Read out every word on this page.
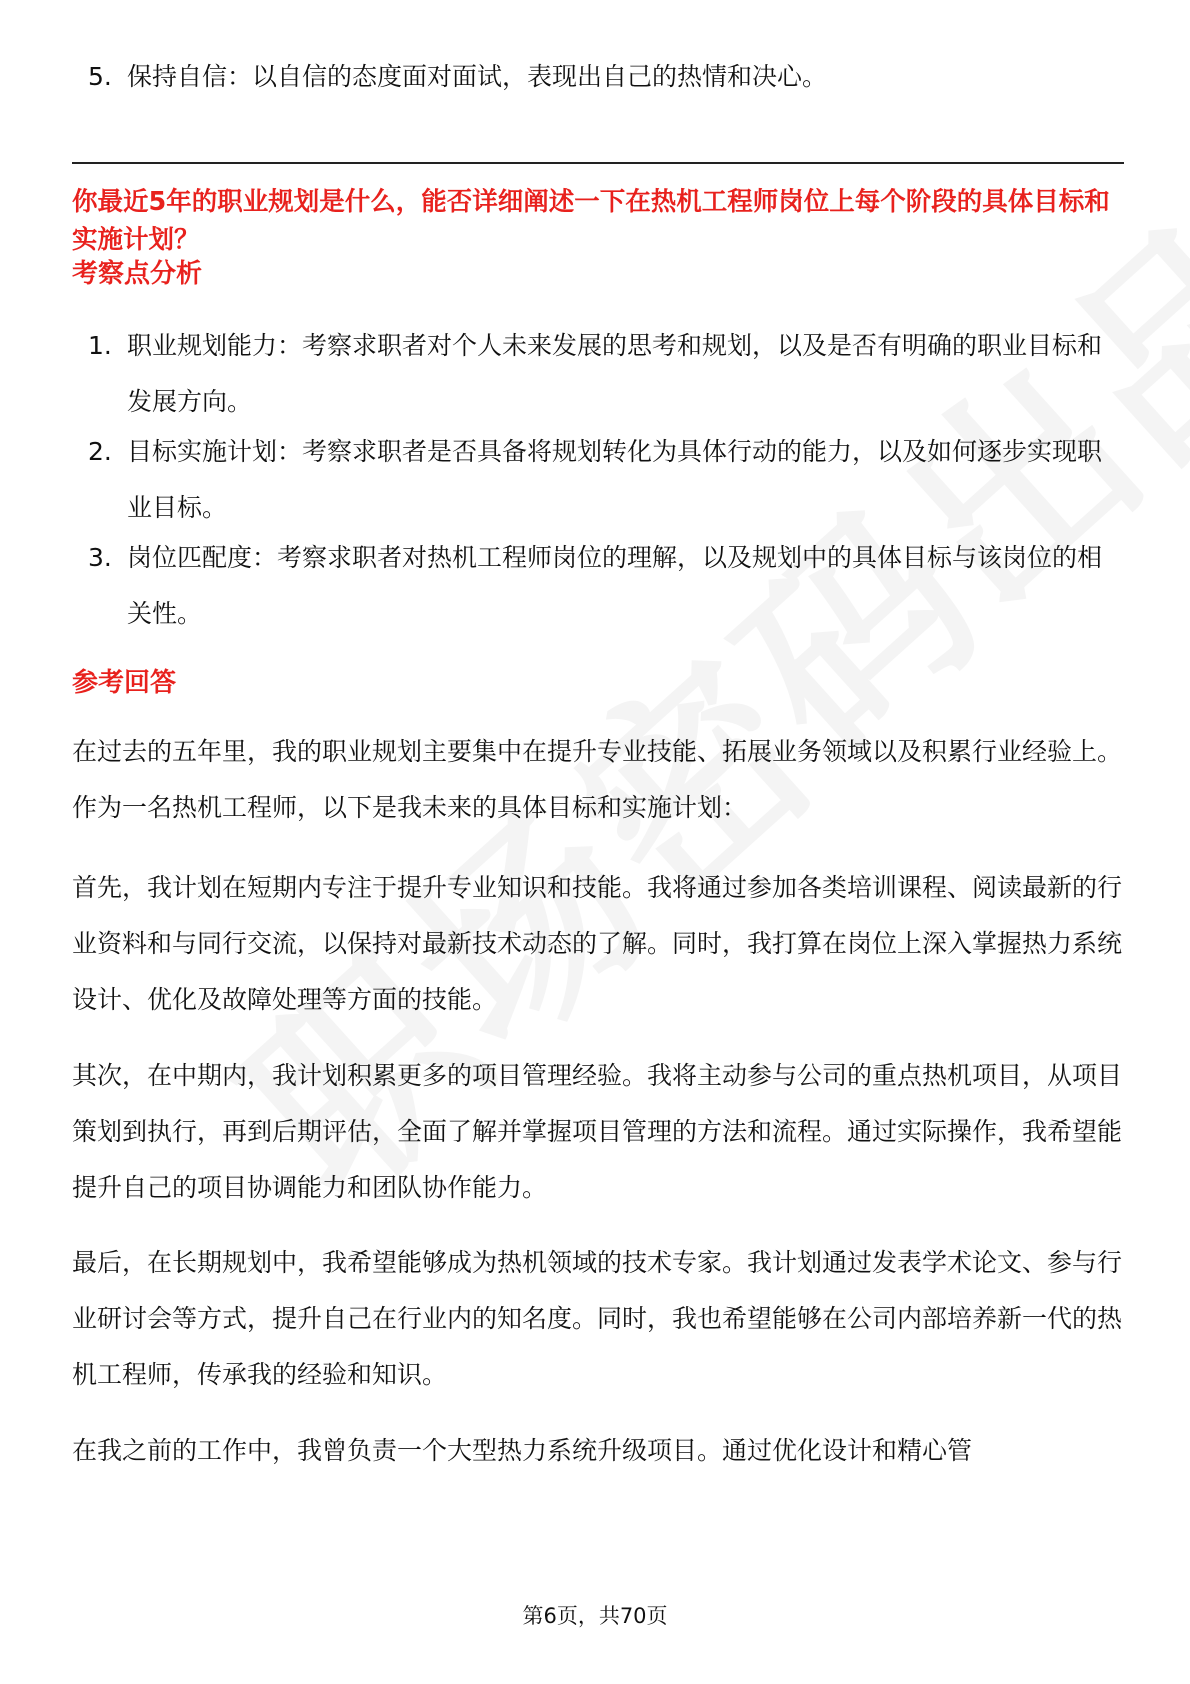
5. 保持自信：以自信的态度面对面试，表现出自己的热情和决心。
你最近5年的职业规划是什么，能否详细阐述一下在热机工程师岗位上每个阶段的具体目标和实施计划？
考察点分析
1. 职业规划能力：考察求职者对个人未来发展的思考和规划，以及是否有明确的职业目标和发展方向。
2. 目标实施计划：考察求职者是否具备将规划转化为具体行动的能力，以及如何逐步实现职业目标。
3. 岗位匹配度：考察求职者对热机工程师岗位的理解，以及规划中的具体目标与该岗位的相关性。
参考回答
在过去的五年里，我的职业规划主要集中在提升专业技能、拓展业务领域以及积累行业经验上。作为一名热机工程师，以下是我未来的具体目标和实施计划：
首先，我计划在短期内专注于提升专业知识和技能。我将通过参加各类培训课程、阅读最新的行业资料和与同行交流，以保持对最新技术动态的了解。同时，我打算在岗位上深入掌握热力系统设计、优化及故障处理等方面的技能。
其次，在中期内，我计划积累更多的项目管理经验。我将主动参与公司的重点热机项目，从项目策划到执行，再到后期评估，全面了解并掌握项目管理的方法和流程。通过实际操作，我希望能提升自己的项目协调能力和团队协作能力。
最后，在长期规划中，我希望能够成为热机领域的技术专家。我计划通过发表学术论文、参与行业研讨会等方式，提升自己在行业内的知名度。同时，我也希望能够在公司内部培养新一代的热机工程师，传承我的经验和知识。
在我之前的工作中，我曾负责一个大型热力系统升级项目。通过优化设计和精心管
第6页，共70页
